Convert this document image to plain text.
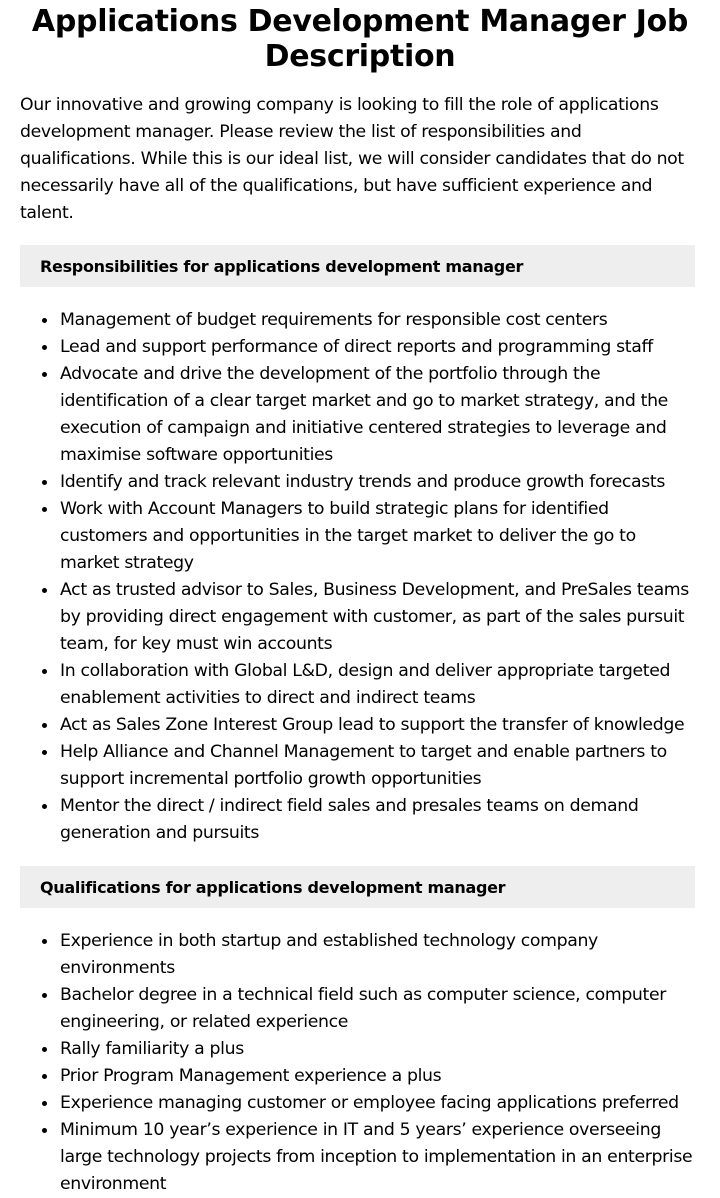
Applications Development Manager Job Description

Our innovative and growing company is looking to fill the role of applications development manager. Please review the list of responsibilities and qualifications. While this is our ideal list, we will consider candidates that do not necessarily have all of the qualifications, but have sufficient experience and talent.

Responsibilities for applications development manager
Management of budget requirements for responsible cost centers
Lead and support performance of direct reports and programming staff
Advocate and drive the development of the portfolio through the identification of a clear target market and go to market strategy, and the execution of campaign and initiative centered strategies to leverage and maximise software opportunities
Identify and track relevant industry trends and produce growth forecasts
Work with Account Managers to build strategic plans for identified customers and opportunities in the target market to deliver the go to market strategy
Act as trusted advisor to Sales, Business Development, and PreSales teams by providing direct engagement with customer, as part of the sales pursuit team, for key must win accounts
In collaboration with Global L&D, design and deliver appropriate targeted enablement activities to direct and indirect teams
Act as Sales Zone Interest Group lead to support the transfer of knowledge
Help Alliance and Channel Management to target and enable partners to support incremental portfolio growth opportunities
Mentor the direct / indirect field sales and presales teams on demand generation and pursuits
Qualifications for applications development manager
Experience in both startup and established technology company environments
Bachelor degree in a technical field such as computer science, computer engineering, or related experience
Rally familiarity a plus
Prior Program Management experience a plus
Experience managing customer or employee facing applications preferred
Minimum 10 year’s experience in IT and 5 years’ experience overseeing large technology projects from inception to implementation in an enterprise environment
